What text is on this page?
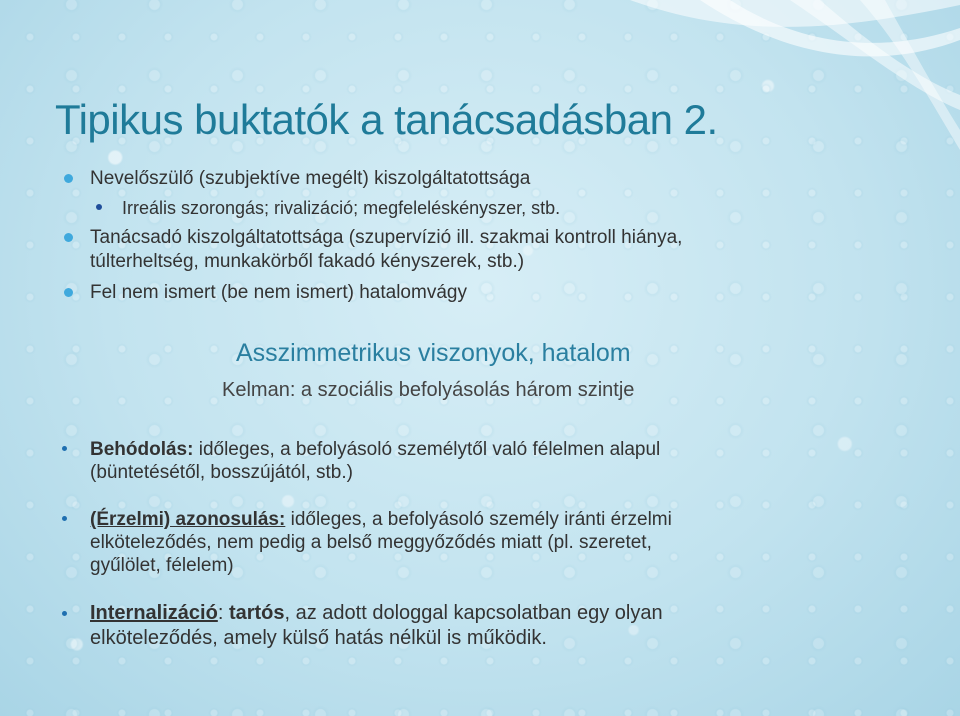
Tipikus buktatók a tanácsadásban 2.
Nevelőszülő (szubjektíve megélt) kiszolgáltatottsága
Irreális szorongás; rivalizáció; megfeleléskényszer, stb.
Tanácsadó kiszolgáltatottsága (szupervízió ill. szakmai kontroll hiánya,
túlterheltség, munkakörből fakadó kényszerek, stb.)
Fel nem ismert (be nem ismert) hatalomvágy
Asszimmetrikus viszonyok, hatalom
Kelman: a szociális befolyásolás három szintje
Behódolás: időleges, a befolyásoló személytől való félelmen alapul
(büntetésétől, bosszújától, stb.)
(Érzelmi) azonosulás: időleges, a befolyásoló személy iránti érzelmi
elköteleződés, nem pedig a belső meggyőződés miatt (pl. szeretet,
gyűlölet, félelem)
Internalizáció: tartós, az adott dologgal kapcsolatban egy olyan
elköteleződés, amely külső hatás nélkül is működik.
